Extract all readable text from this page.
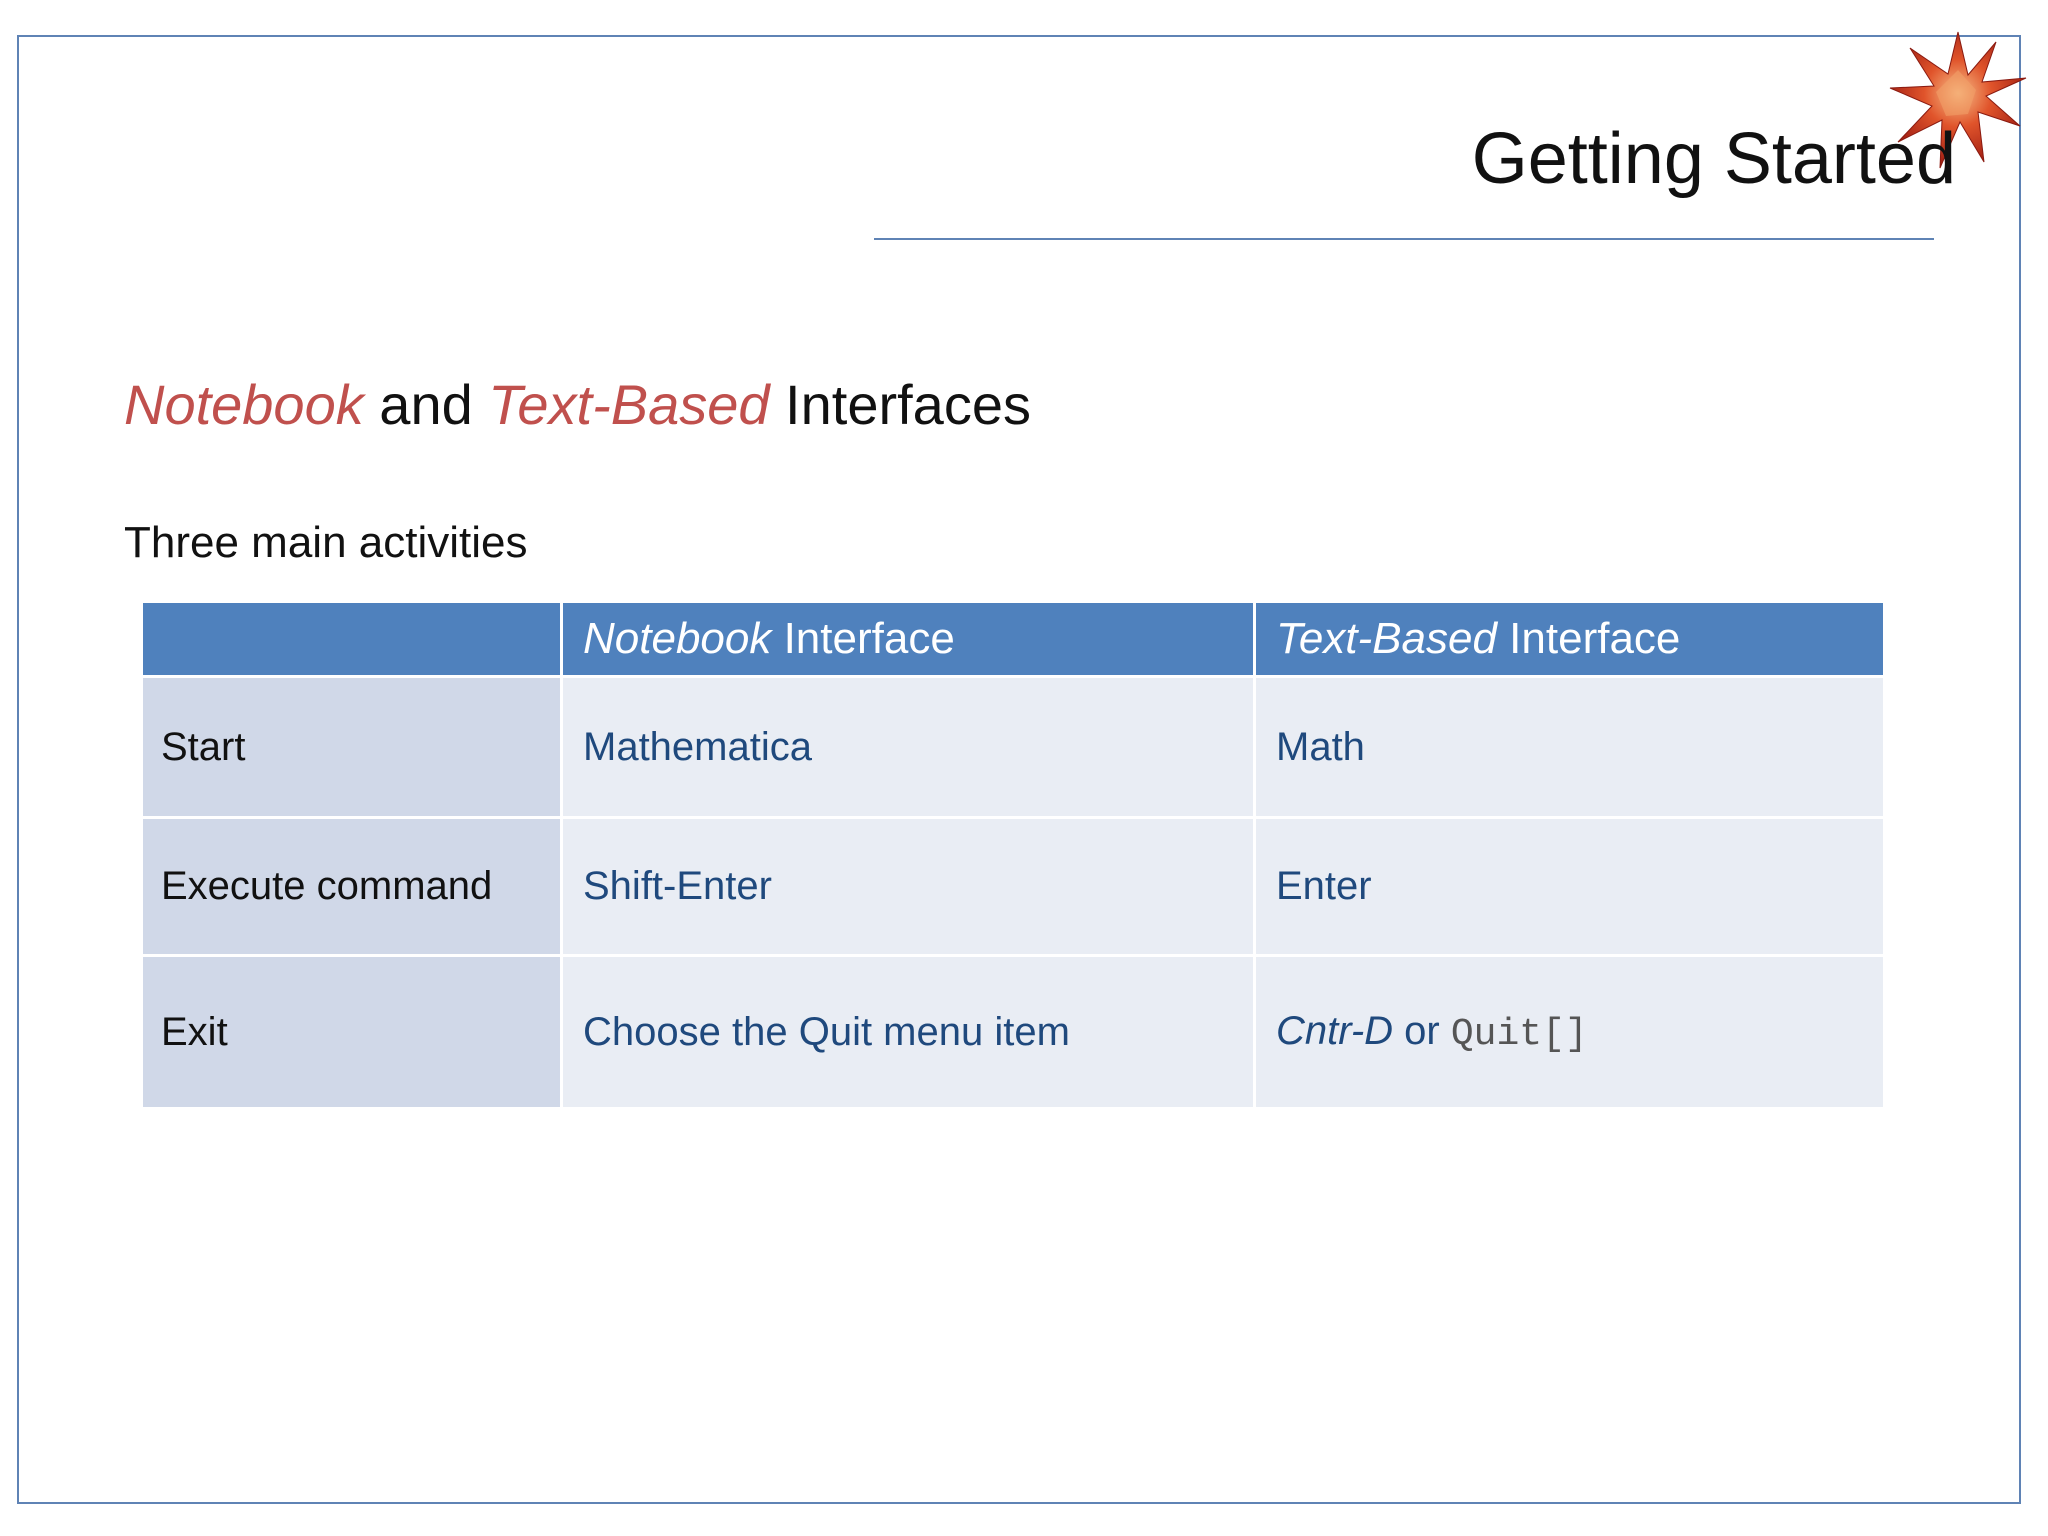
Getting Started
Notebook and Text-Based Interfaces
Three main activities
	Notebook Interface	Text-Based Interface
Start	Mathematica	Math
Execute command	Shift-Enter	Enter
Exit	Choose the Quit menu item	Cntr-D or Quit[]
